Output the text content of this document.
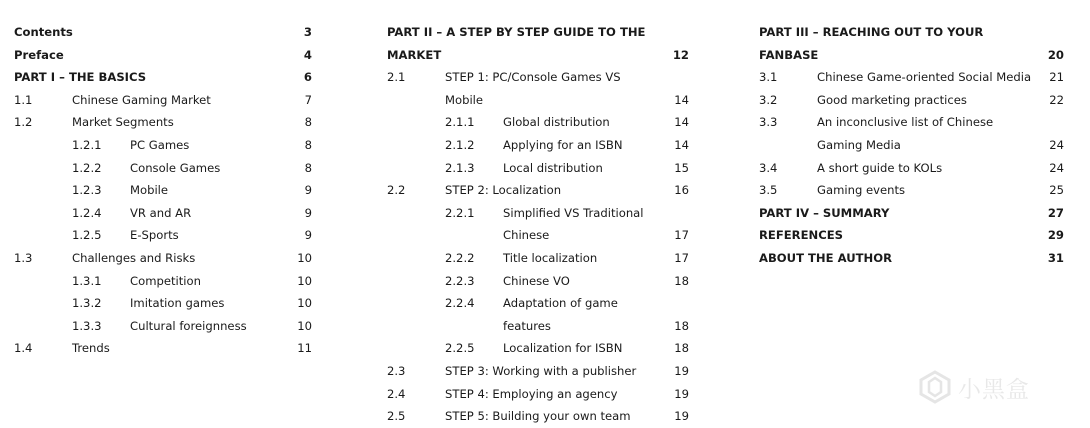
Contents	3
Preface	4
PART I – THE BASICS	6
1.1	Chinese Gaming Market	7
1.2	Market Segments	8
1.2.1	PC Games	8
1.2.2	Console Games	8
1.2.3	Mobile	9
1.2.4	VR and AR	9
1.2.5	E-Sports	9
1.3	Challenges and Risks	10
1.3.1	Competition	10
1.3.2	Imitation games	10
1.3.3	Cultural foreignness	10
1.4	Trends	11
PART II – A STEP BY STEP GUIDE TO THE MARKET	12
2.1	STEP 1: PC/Console Games VS Mobile	14
2.1.1	Global distribution	14
2.1.2	Applying for an ISBN	14
2.1.3	Local distribution	15
2.2	STEP 2: Localization	16
2.2.1	Simplified VS Traditional Chinese	17
2.2.2	Title localization	17
2.2.3	Chinese VO	18
2.2.4	Adaptation of game features	18
2.2.5	Localization for ISBN	18
2.3	STEP 3: Working with a publisher	19
2.4	STEP 4: Employing an agency	19
2.5	STEP 5: Building your own team	19
PART III – REACHING OUT TO YOUR FANBASE	20
3.1	Chinese Game-oriented Social Media	21
3.2	Good marketing practices	22
3.3	An inconclusive list of Chinese Gaming Media	24
3.4	A short guide to KOLs	24
3.5	Gaming events	25
PART IV – SUMMARY	27
REFERENCES	29
ABOUT THE AUTHOR	31
小黑盒
